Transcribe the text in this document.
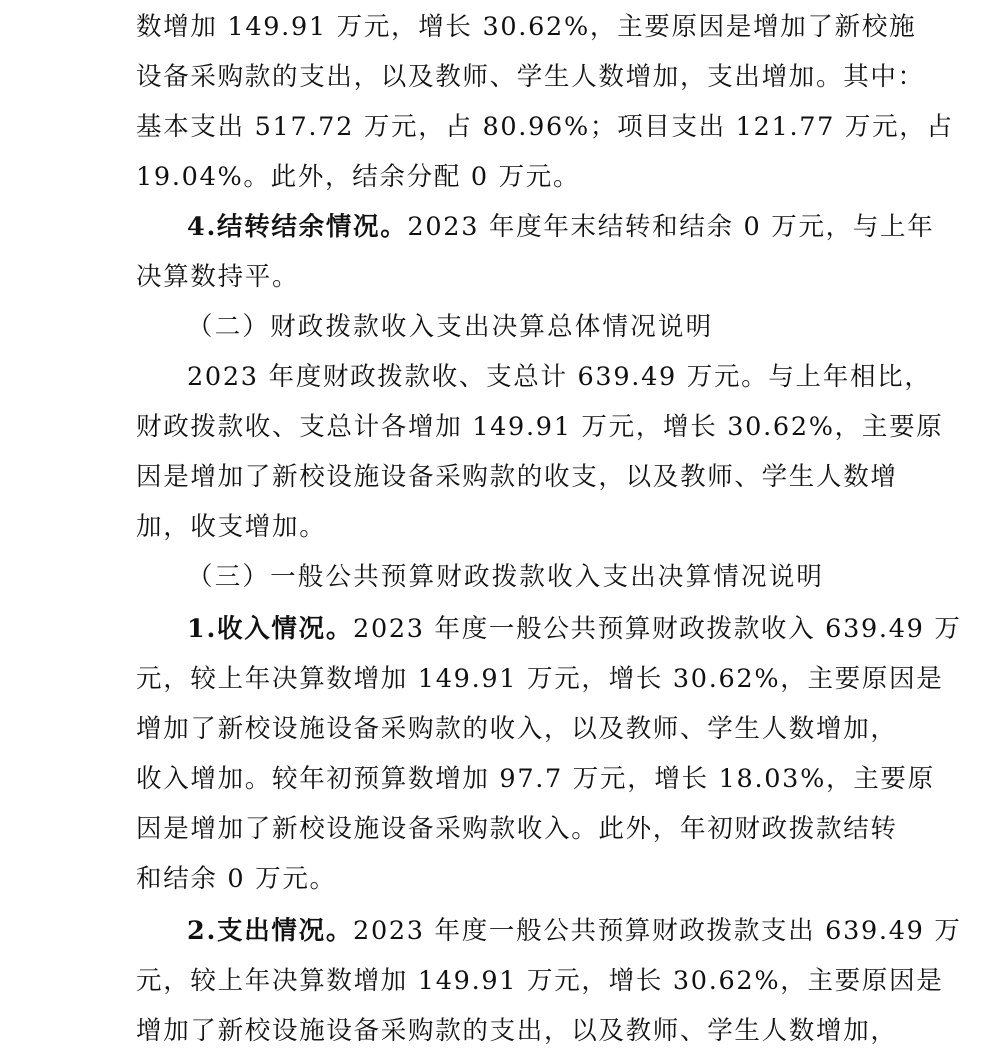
数增加 149.91 万元，增长 30.62%，主要原因是增加了新校施
设备采购款的支出，以及教师、学生人数增加，支出增加。其中：
基本支出 517.72 万元，占 80.96%；项目支出 121.77 万元，占
19.04%。此外，结余分配 0 万元。
4.结转结余情况。2023 年度年末结转和结余 0 万元，与上年
决算数持平。
（二）财政拨款收入支出决算总体情况说明
2023 年度财政拨款收、支总计 639.49 万元。与上年相比，
财政拨款收、支总计各增加 149.91 万元，增长 30.62%，主要原
因是增加了新校设施设备采购款的收支，以及教师、学生人数增
加，收支增加。
（三）一般公共预算财政拨款收入支出决算情况说明
1.收入情况。2023 年度一般公共预算财政拨款收入 639.49 万
元，较上年决算数增加 149.91 万元，增长 30.62%，主要原因是
增加了新校设施设备采购款的收入，以及教师、学生人数增加，
收入增加。较年初预算数增加 97.7 万元，增长 18.03%，主要原
因是增加了新校设施设备采购款收入。此外，年初财政拨款结转
和结余 0 万元。
2.支出情况。2023 年度一般公共预算财政拨款支出 639.49 万
元，较上年决算数增加 149.91 万元，增长 30.62%，主要原因是
增加了新校设施设备采购款的支出，以及教师、学生人数增加，
